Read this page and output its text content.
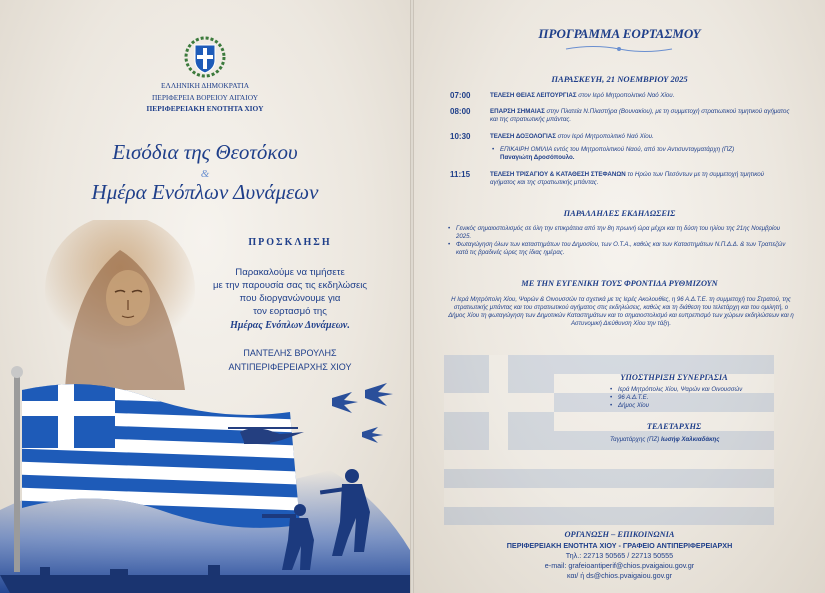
ΕΛΛΗΝΙΚΗ ΔΗΜΟΚΡΑΤΙΑ
ΠΕΡΙΦΕΡΕΙΑ ΒΟΡΕΙΟΥ ΑΙΓΑΙΟΥ
ΠΕΡΙΦΕΡΕΙΑΚΗ ΕΝΟΤΗΤΑ ΧΙΟΥ
Εισόδια της Θεοτόκου
&
Ημέρα Ενόπλων Δυνάμεων
ΠΡΟΣΚΛΗΣΗ
Παρακαλούμε να τιμήσετε
με την παρουσία σας τις εκδηλώσεις
που διοργανώνουμε για
τον εορτασμό της
Ημέρας Ενόπλων Δυνάμεων.
ΠΑΝΤΕΛΗΣ ΒΡΟΥΛΗΣ
ΑΝΤΙΠΕΡΙΦΕΡΕΙΑΡΧΗΣ ΧΙΟΥ
ΠΡΟΓΡΑΜΜΑ ΕΟΡΤΑΣΜΟΥ
ΠΑΡΑΣΚΕΥΗ, 21 ΝΟΕΜΒΡΙΟΥ 2025
07:00	ΤΕΛΕΣΗ ΘΕΙΑΣ ΛΕΙΤΟΥΡΓΙΑΣ στον Ιερό Μητροπολιτικό Ναό Χίου.
08:00	ΕΠΑΡΣΗ ΣΗΜΑΙΑΣ στην Πλατεία Ν.Πλαστήρα (Βουνακίου), με τη συμμετοχή στρατιωτικού τιμητικού αγήματος και της στρατιωτικής μπάντας.
10:30	ΤΕΛΕΣΗ ΔΟΞΟΛΟΓΙΑΣ στον Ιερό Μητροπολιτικό Ναό Χίου.
• ΕΠΙΚΑΙΡΗ ΟΜΙΛΙΑ εντός του Μητροπολιτικού Ναού, από τον Αντισυνταγματάρχη (ΠΖ)
Παναγιώτη Δροσόπουλο.
11:15	ΤΕΛΕΣΗ ΤΡΙΣΑΓΙΟΥ & ΚΑΤΑΘΕΣΗ ΣΤΕΦΑΝΩΝ το Ηρώο των Πεσόντων με τη συμμετοχή τιμητικού αγήματος και της στρατιωτικής μπάντας.
ΠΑΡΑΛΛΗΛΕΣ ΕΚΔΗΛΩΣΕΙΣ
• Γενικός σημαιοστολισμός σε όλη την επικράτεια από την 8η πρωινή ώρα μέχρι και τη δύση του ηλίου της 21ης Νοεμβρίου 2025.
• Φωταγώγηση όλων των καταστημάτων του Δημοσίου, των Ο.Τ.Α., καθώς και των Καταστημάτων Ν.Π.Δ.Δ. & των Τραπεζών κατά τις βραδινές ώρες της ίδιας ημέρας.
ΜΕ ΤΗΝ ΕΥΓΕΝΙΚΗ ΤΟΥΣ ΦΡΟΝΤΙΔΑ ΡΥΘΜΙΖΟΥΝ
Η Ιερά Μητρόπολη Χίου, Ψαρών & Οινουσσών τα σχετικά με τις Ιερές Ακολουθίες, η 96 Α.Δ.Τ.Ε. τη συμμετοχή του Στρατού, της στρατιωτικής μπάντας και του στρατιωτικού αγήματος στις εκδηλώσεις, καθώς και τη διάθεση του τελετάρχη και του ομιλητή, ο Δήμος Χίου τη φωταγώγηση των Δημοτικών Καταστημάτων και το σημαιοστολισμό και ευπρεπισμό των χώρων εκδηλώσεων και η Αστυνομική Διεύθυνση Χίου την τάξη.
ΥΠΟΣΤΗΡΙΞΗ ΣΥΝΕΡΓΑΣΙΑ
• Ιερά Μητρόπολις Χίου, Ψαρών και Οινουσσών
• 96 Α.Δ.Τ.Ε.
• Δήμος Χίου
ΤΕΛΕΤΑΡΧΗΣ
Ταγματάρχης (ΠΖ) Ιωσήφ Χαλκιαδάκης
ΟΡΓΑΝΩΣΗ – ΕΠΙΚΟΙΝΩΝΙΑ
ΠΕΡΙΦΕΡΕΙΑΚΗ ΕΝΟΤΗΤΑ ΧΙΟΥ - ΓΡΑΦΕΙΟ ΑΝΤΙΠΕΡΙΦΕΡΕΙΑΡΧΗ
Τηλ.: 22713 50565 / 22713 50555
e-mail: grafeioantiperif@chios.pvaigaiou.gov.gr
και/ ή ds@chios.pvaigaiou.gov.gr
